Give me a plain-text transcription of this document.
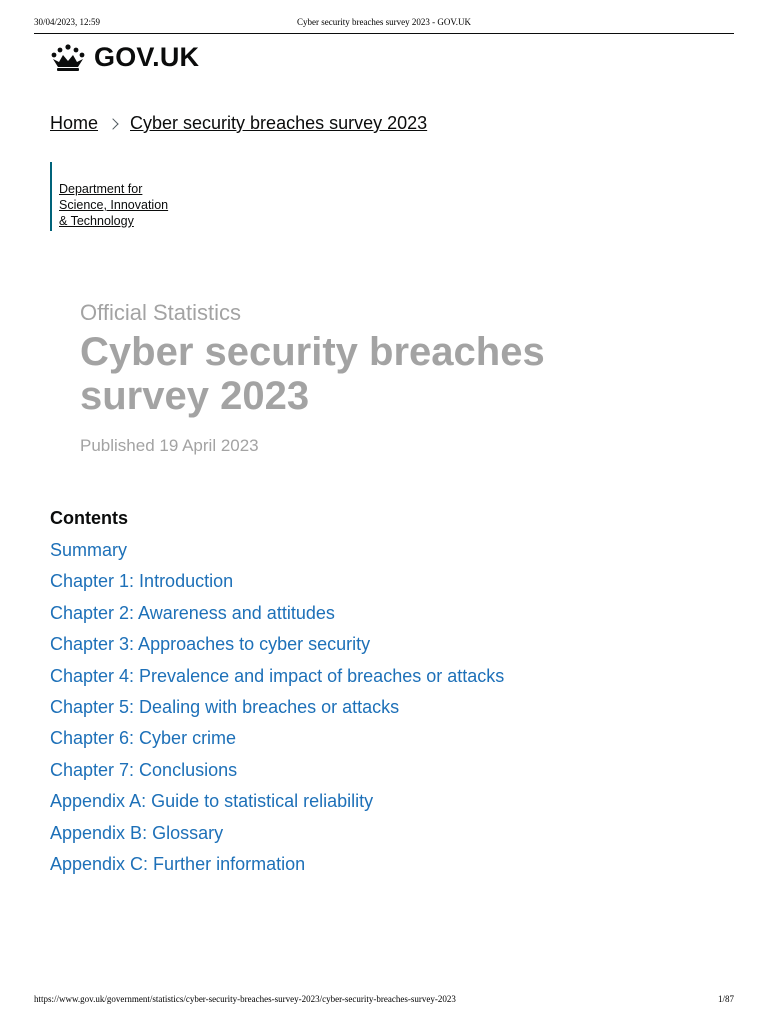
30/04/2023, 12:59	Cyber security breaches survey 2023 - GOV.UK
GOV.UK
Home Cyber security breaches survey 2023
Department for
Science, Innovation
& Technology

Official Statistics

Cyber security breaches survey 2023
Published 19 April 2023
Contents
Summary
Chapter 1: Introduction
Chapter 2: Awareness and attitudes
Chapter 3: Approaches to cyber security
Chapter 4: Prevalence and impact of breaches or attacks
Chapter 5: Dealing with breaches or attacks
Chapter 6: Cyber crime
Chapter 7: Conclusions
Appendix A: Guide to statistical reliability
Appendix B: Glossary
Appendix C: Further information
https://www.gov.uk/government/statistics/cyber-security-breaches-survey-2023/cyber-security-breaches-survey-2023	1/87
